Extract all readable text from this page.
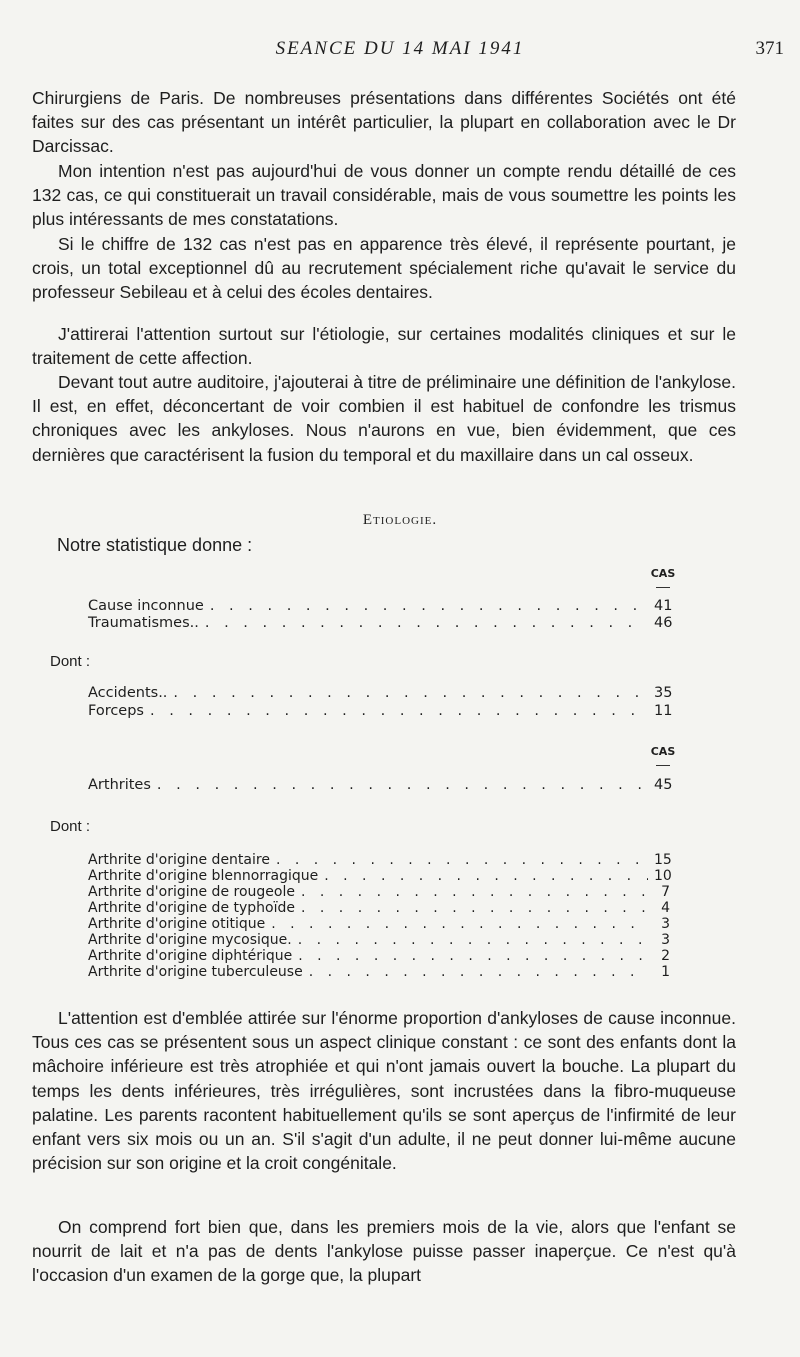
SEANCE DU 14 MAI 1941	371

Chirurgiens de Paris. De nombreuses présentations dans différentes Sociétés ont été faites sur des cas présentant un intérêt particulier, la plupart en collaboration avec le Dr Darcissac.

Mon intention n'est pas aujourd'hui de vous donner un compte rendu détaillé de ces 132 cas, ce qui constituerait un travail considérable, mais de vous soumettre les points les plus intéressants de mes constatations.

Si le chiffre de 132 cas n'est pas en apparence très élevé, il représente pourtant, je crois, un total exceptionnel dû au recrutement spécialement riche qu'avait le service du professeur Sebileau et à celui des écoles dentaires.

J'attirerai l'attention surtout sur l'étiologie, sur certaines modalités cliniques et sur le traitement de cette affection.

Devant tout autre auditoire, j'ajouterai à titre de préliminaire une définition de l'ankylose. Il est, en effet, déconcertant de voir combien il est habituel de confondre les trismus chroniques avec les ankyloses. Nous n'aurons en vue, bien évidemment, que ces dernières que caractérisent la fusion du temporal et du maxillaire dans un cal osseux.

Etiologie.
Notre statistique donne :
CAS
Cause inconnue . . .	41
Traumatismes.. . . .	46
Dont :
Accidents.. . . .	35
Forceps . . .	11
CAS
Arthrites . . .	45
Dont :
Arthrite d'origine dentaire . . .	15
Arthrite d'origine blennorragique . . .	10
Arthrite d'origine de rougeole . . .	7
Arthrite d'origine de typhoïde . . .	4
Arthrite d'origine otitique . . .	3
Arthrite d'origine mycosique. . . .	3
Arthrite d'origine diphtérique . . .	2
Arthrite d'origine tuberculeuse . . .	1

L'attention est d'emblée attirée sur l'énorme proportion d'ankyloses de cause inconnue. Tous ces cas se présentent sous un aspect clinique constant : ce sont des enfants dont la mâchoire inférieure est très atrophiée et qui n'ont jamais ouvert la bouche. La plupart du temps les dents inférieures, très irrégulières, sont incrustées dans la fibro-muqueuse palatine. Les parents racontent habituellement qu'ils se sont aperçus de l'infirmité de leur enfant vers six mois ou un an. S'il s'agit d'un adulte, il ne peut donner lui-même aucune précision sur son origine et la croit congénitale.

On comprend fort bien que, dans les premiers mois de la vie, alors que l'enfant se nourrit de lait et n'a pas de dents l'ankylose puisse passer inaperçue. Ce n'est qu'à l'occasion d'un examen de la gorge que, la plupart
